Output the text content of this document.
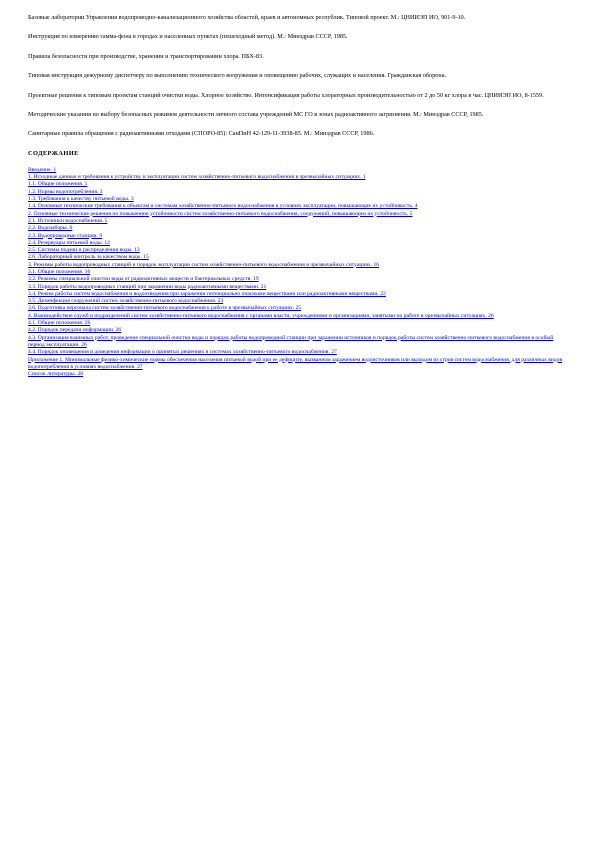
Базовые лаборатории Управления водопроводно-канализационного хозяйства областей, краев и автономных республик. Типовой проект. М.: ЦНИИЭП ИО, 901-9-10.

Инструкция по измерению гамма-фона в городах и населенных пунктах (пешеходный метод). М.: Минздрав СССР, 1985.

Правила безопасности при производстве, хранении и транспортировании хлора. ПБХ-83.

Типовая инструкция дежурному диспетчеру по выполнению технического вооружения и оповещению рабочих, служащих и населения. Гражданская оборона.

Проектные решения к типовым проектам станций очистки воды. Хлорное хозяйство. Интенсификация работы хлораторных производительностью от 2 до 50 кг хлора в час. ЦНИИЭП ИО, 8-1559.

Методические указания по выбору безопасных режимов деятельности личного состава учреждений МС ГО в зонах радиоактивного загрязнения. М.: Минздрав СССР, 1985.

Санитарные правила обращения с радиоактивными отходами (СПОРО-85): СанПиН 42-129-11-3938-85. М.: Минздрав СССР, 1986.

СОДЕРЖАНИЕ
Введение. 1
1. Исходные данные и требования к устройству и эксплуатации систем хозяйственно-питьевого водоснабжения в чрезвычайных ситуациях. 1
1.1. Общие положения. 1
1.2. Нормы водопотребления. 3
1.3. Требования к качеству питьевой воды. 3
1.4. Основные технические требования к объектам и системам хозяйственно-питьевого водоснабжения в условиях эксплуатации, повышающие их устойчивость. 4
2. Основные технические решения по повышению устойчивости систем хозяйственно-питьевого водоснабжения, сооружений, повышающим их устойчивость. 5
2.1. Источники водоснабжения. 5
2.2. Водозаборы. 6
2.3. Водопроводные станции. 9
2.4. Резервуары питьевой воды. 12
2.5. Системы подачи и распределения воды. 13
2.6. Лабораторный контроль за качеством воды. 15
3. Режимы работы водопроводных станций и порядок эксплуатации систем хозяйственно-питьевого водоснабжения в чрезвычайных ситуациях. 16
3.1. Общие положения. 16
3.2. Режимы специальной очистки воды от радиоактивных веществ и бактериальных средств. 19
3.3. Порядок работы водопроводных станций при заражении воды радиоактивными веществами. 21
3.4. Режим работы систем водоснабжения и водоотведения при заражении потенциально опасными веществами или радиоактивными веществами. 22
3.5. Дезинфекция сооружений систем хозяйственно-питьевого водоснабжения. 23
3.6. Подготовка персонала систем хозяйственно-питьевого водоснабжения к работе в чрезвычайных ситуациях. 25
4. Взаимодействие служб и подразделений систем хозяйственно-питьевого водоснабжения с органами власти, учреждениями и организациями, занятыми по работе в чрезвычайных ситуациях. 26
4.1. Общие положения. 26
4.2. Порядок передачи информации. 26
4.3. Организация взаимных работ, проведение специальной очистки воды и порядок работы водопроводной станции при заражении источников и порядок работы систем хозяйственно-питьевого водоснабжения в особый период эксплуатации. 26
4.4. Порядок оповещения и доведения информации о принятых решениях в системах хозяйственно-питьевого водоснабжения. 27
Приложение 1. Минимальные физико-химические нормы обеспечения населения питьевой водой при ее дефиците, вызванном заражением водоисточников или выходом из строя систем водоснабжения, для различных видов водопотребления в условиях водоснабжения. 27
Список литературы. 28
